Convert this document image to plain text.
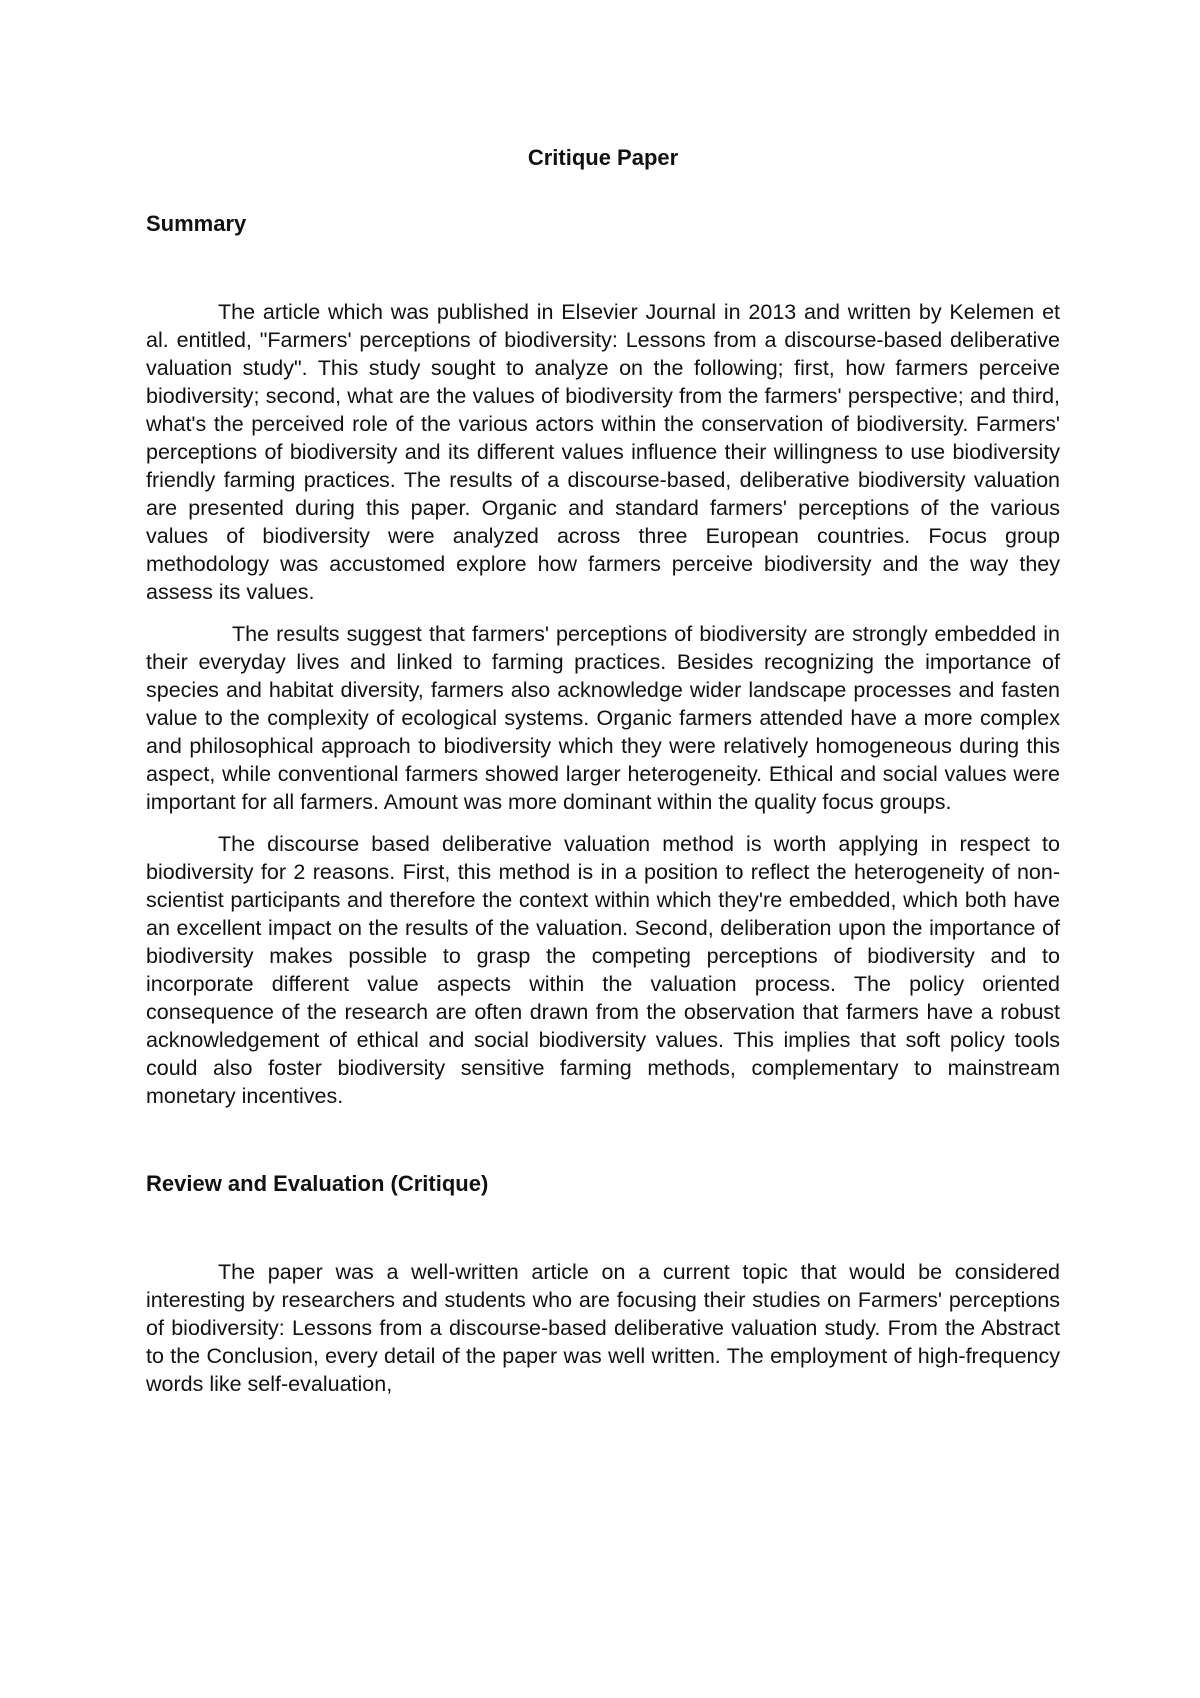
Critique Paper
Summary

The article which was published in Elsevier Journal in 2013 and written by Kelemen et al. entitled, "Farmers' perceptions of biodiversity: Lessons from a discourse-based deliberative valuation study". This study sought to analyze on the following; first, how farmers perceive biodiversity; second, what are the values of biodiversity from the farmers' perspective; and third, what's the perceived role of the various actors within the conservation of biodiversity. Farmers' perceptions of biodiversity and its different values influence their willingness to use biodiversity friendly farming practices. The results of a discourse-based, deliberative biodiversity valuation are presented during this paper. Organic and standard farmers' perceptions of the various values of biodiversity were analyzed across three European countries. Focus group methodology was accustomed explore how farmers perceive biodiversity and the way they assess its values.

The results suggest that farmers' perceptions of biodiversity are strongly embedded in their everyday lives and linked to farming practices. Besides recognizing the importance of species and habitat diversity, farmers also acknowledge wider landscape processes and fasten value to the complexity of ecological systems. Organic farmers attended have a more complex and philosophical approach to biodiversity which they were relatively homogeneous during this aspect, while conventional farmers showed larger heterogeneity. Ethical and social values were important for all farmers. Amount was more dominant within the quality focus groups.

The discourse based deliberative valuation method is worth applying in respect to biodiversity for 2 reasons. First, this method is in a position to reflect the heterogeneity of non-scientist participants and therefore the context within which they're embedded, which both have an excellent impact on the results of the valuation. Second, deliberation upon the importance of biodiversity makes possible to grasp the competing perceptions of biodiversity and to incorporate different value aspects within the valuation process. The policy oriented consequence of the research are often drawn from the observation that farmers have a robust acknowledgement of ethical and social biodiversity values. This implies that soft policy tools could also foster biodiversity sensitive farming methods, complementary to mainstream monetary incentives.

Review and Evaluation (Critique)

The paper was a well-written article on a current topic that would be considered interesting by researchers and students who are focusing their studies on Farmers' perceptions of biodiversity: Lessons from a discourse-based deliberative valuation study. From the Abstract to the Conclusion, every detail of the paper was well written. The employment of high-frequency words like self-evaluation,
